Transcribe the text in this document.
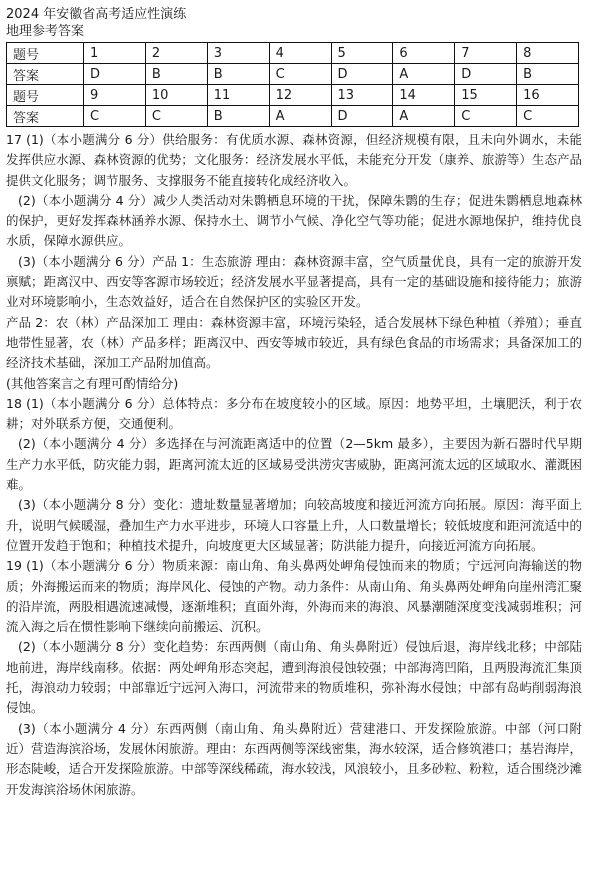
2024 年安徽省高考适应性演练
地理参考答案
题号	1	2	3	4	5	6	7	8
答案	D	B	B	C	D	A	D	B
题号	9	10	11	12	13	14	15	16
答案	C	C	B	A	D	A	C	C

17 (1)（本小题满分 6 分）供给服务：有优质水源、森林资源，但经济规模有限，且未向外调水，未能发挥供应水源、森林资源的优势；文化服务：经济发展水平低，未能充分开发（康养、旅游等）生态产品提供文化服务；调节服务、支撑服务不能直接转化成经济收入。

(2)（本小题满分 4 分）减少人类活动对朱鹮栖息环境的干扰，保障朱鹮的生存；促进朱鹮栖息地森林的保护，更好发挥森林涵养水源、保持水土、调节小气候、净化空气等功能；促进水源地保护，维持优良水质，保障水源供应。

(3)（本小题满分 6 分）产品 1：生态旅游 理由：森林资源丰富，空气质量优良，具有一定的旅游开发禀赋；距离汉中、西安等客源市场较近；经济发展水平显著提高，具有一定的基础设施和接待能力；旅游业对环境影响小，生态效益好，适合在自然保护区的实验区开发。

产品 2：农（林）产品深加工 理由：森林资源丰富，环境污染轻，适合发展林下绿色种植（养殖）；垂直地带性显著，农（林）产品多样；距离汉中、西安等城市较近，具有绿色食品的市场需求；具备深加工的经济技术基础，深加工产品附加值高。

(其他答案言之有理可酌情给分)

18 (1)（本小题满分 6 分）总体特点：多分布在坡度较小的区域。原因：地势平坦，土壤肥沃，利于农耕；对外联系方便，交通便利。

(2)（本小题满分 4 分）多选择在与河流距离适中的位置（2—5km 最多），主要因为新石器时代早期生产力水平低，防灾能力弱，距离河流太近的区域易受洪涝灾害威胁，距离河流太远的区域取水、灌溉困难。

(3)（本小题满分 8 分）变化：遗址数量显著增加；向较高坡度和接近河流方向拓展。原因：海平面上升，说明气候暖湿，叠加生产力水平进步，环境人口容量上升，人口数量增长；较低坡度和距河流适中的位置开发趋于饱和；种植技术提升，向坡度更大区域显著；防洪能力提升，向接近河流方向拓展。

19 (1)（本小题满分 6 分）物质来源：南山角、角头鼻两处岬角侵蚀而来的物质；宁远河向海输送的物质；外海搬运而来的物质；海岸风化、侵蚀的产物。动力条件：从南山角、角头鼻两处岬角向崖州湾汇聚的沿岸流，两股相遇流速减慢，逐渐堆积；直面外海，外海而来的海浪、风暴潮随深度变浅减弱堆积；河流入海之后在惯性影响下继续向前搬运、沉积。

(2)（本小题满分 8 分）变化趋势：东西两侧（南山角、角头鼻附近）侵蚀后退，海岸线北移；中部陆地前进，海岸线南移。依据：两处岬角形态突起，遭到海浪侵蚀较强；中部海湾凹陷，且两股海流汇集顶托，海浪动力较弱；中部靠近宁远河入海口，河流带来的物质堆积，弥补海水侵蚀；中部有岛屿削弱海浪侵蚀。

(3)（本小题满分 4 分）东西两侧（南山角、角头鼻附近）营建港口、开发探险旅游。中部（河口附近）营造海滨浴场，发展休闲旅游。理由：东西两侧等深线密集，海水较深，适合修筑港口；基岩海岸，形态陡峻，适合开发探险旅游。中部等深线稀疏，海水较浅，风浪较小，且多砂粒、粉粒，适合围绕沙滩开发海滨浴场休闲旅游。
